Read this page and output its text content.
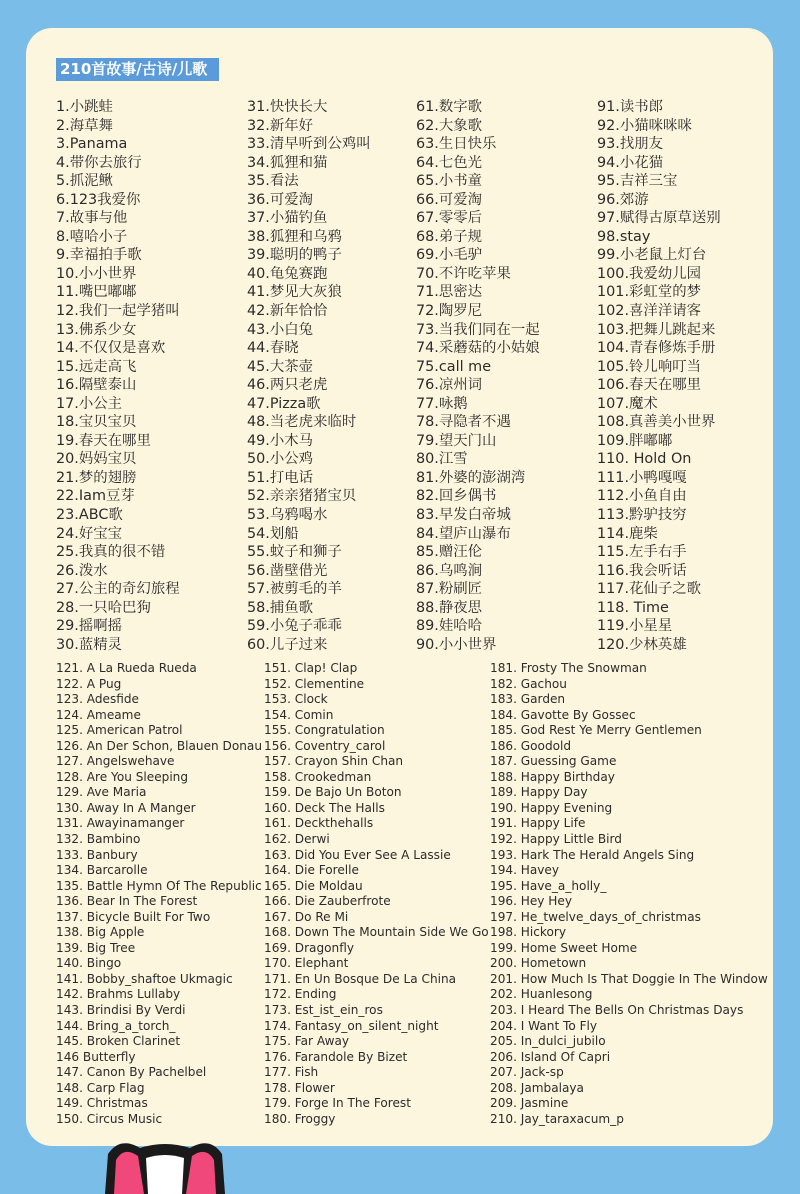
210首故事/古诗/儿歌
1.小跳蛙
2.海草舞
3.Panama
4.带你去旅行
5.抓泥鳅
6.123我爱你
7.故事与他
8.嘻哈小子
9.幸福拍手歌
10.小小世界
11.嘴巴嘟嘟
12.我们一起学猪叫
13.佛系少女
14.不仅仅是喜欢
15.远走高飞
16.隔壁泰山
17.小公主
18.宝贝宝贝
19.春天在哪里
20.妈妈宝贝
21.梦的翅膀
22.Iam豆芽
23.ABC歌
24.好宝宝
25.我真的很不错
26.泼水
27.公主的奇幻旅程
28.一只哈巴狗
29.摇啊摇
30.蓝精灵
31.快快长大
32.新年好
33.清早听到公鸡叫
34.狐狸和猫
35.看法
36.可爱淘
37.小猫钓鱼
38.狐狸和乌鸦
39.聪明的鸭子
40.龟兔赛跑
41.梦见大灰狼
42.新年恰恰
43.小白兔
44.春晓
45.大茶壶
46.两只老虎
47.Pizza歌
48.当老虎来临时
49.小木马
50.小公鸡
51.打电话
52.亲亲猪猪宝贝
53.乌鸦喝水
54.划船
55.蚊子和狮子
56.凿壁借光
57.被剪毛的羊
58.捕鱼歌
59.小兔子乖乖
60.儿子过来
61.数字歌
62.大象歌
63.生日快乐
64.七色光
65.小书童
66.可爱淘
67.零零后
68.弟子规
69.小毛驴
70.不许吃苹果
71.思密达
72.陶罗尼
73.当我们同在一起
74.采蘑菇的小姑娘
75.call me
76.凉州词
77.咏鹅
78.寻隐者不遇
79.望天门山
80.江雪
81.外婆的澎湖湾
82.回乡偶书
83.早发白帝城
84.望庐山瀑布
85.赠汪伦
86.乌鸣涧
87.粉刷匠
88.静夜思
89.娃哈哈
90.小小世界
91.读书郎
92.小猫咪咪咪
93.找朋友
94.小花猫
95.吉祥三宝
96.郊游
97.赋得古原草送别
98.stay
99.小老鼠上灯台
100.我爱幼儿园
101.彩虹堂的梦
102.喜洋洋请客
103.把舞儿跳起来
104.青春修炼手册
105.铃儿响叮当
106.春天在哪里
107.魔术
108.真善美小世界
109.胖嘟嘟
110. Hold On
111.小鸭嘎嘎
112.小鱼自由
113.黔驴技穷
114.鹿柴
115.左手右手
116.我会听话
117.花仙子之歌
118. Time
119.小星星
120.少林英雄
121. A La Rueda Rueda
122. A Pug
123. Adesfide
124. Ameame
125. American Patrol
126. An Der Schon, Blauen Donau
127. Angelswehave
128. Are You Sleeping
129. Ave Maria
130. Away In A Manger
131. Awayinamanger
132. Bambino
133. Banbury
134. Barcarolle
135. Battle Hymn Of The Republic
136. Bear In The Forest
137. Bicycle Built For Two
138. Big Apple
139. Big Tree
140. Bingo
141. Bobby_shaftoe Ukmagic
142. Brahms Lullaby
143. Brindisi By Verdi
144. Bring_a_torch_
145. Broken Clarinet
146 Butterfly
147. Canon By Pachelbel
148. Carp Flag
149. Christmas
150. Circus Music
151. Clap! Clap
152. Clementine
153. Clock
154. Comin
155. Congratulation
156. Coventry_carol
157. Crayon Shin Chan
158. Crookedman
159. De Bajo Un Boton
160. Deck The Halls
161. Deckthehalls
162. Derwi
163. Did You Ever See A Lassie
164. Die Forelle
165. Die Moldau
166. Die Zauberfrote
167. Do Re Mi
168. Down The Mountain Side We Go
169. Dragonfly
170. Elephant
171. En Un Bosque De La China
172. Ending
173. Est_ist_ein_ros
174. Fantasy_on_silent_night
175. Far Away
176. Farandole By Bizet
177. Fish
178. Flower
179. Forge In The Forest
180. Froggy
181. Frosty The Snowman
182. Gachou
183. Garden
184. Gavotte By Gossec
185. God Rest Ye Merry Gentlemen
186. Goodold
187. Guessing Game
188. Happy Birthday
189. Happy Day
190. Happy Evening
191. Happy Life
192. Happy Little Bird
193. Hark The Herald Angels Sing
194. Havey
195. Have_a_holly_
196. Hey Hey
197. He_twelve_days_of_christmas
198. Hickory
199. Home Sweet Home
200. Hometown
201. How Much Is That Doggie In The Window
202. Huanlesong
203. I Heard The Bells On Christmas Days
204. I Want To Fly
205. In_dulci_jubilo
206. Island Of Capri
207. Jack-sp
208. Jambalaya
209. Jasmine
210. Jay_taraxacum_p
